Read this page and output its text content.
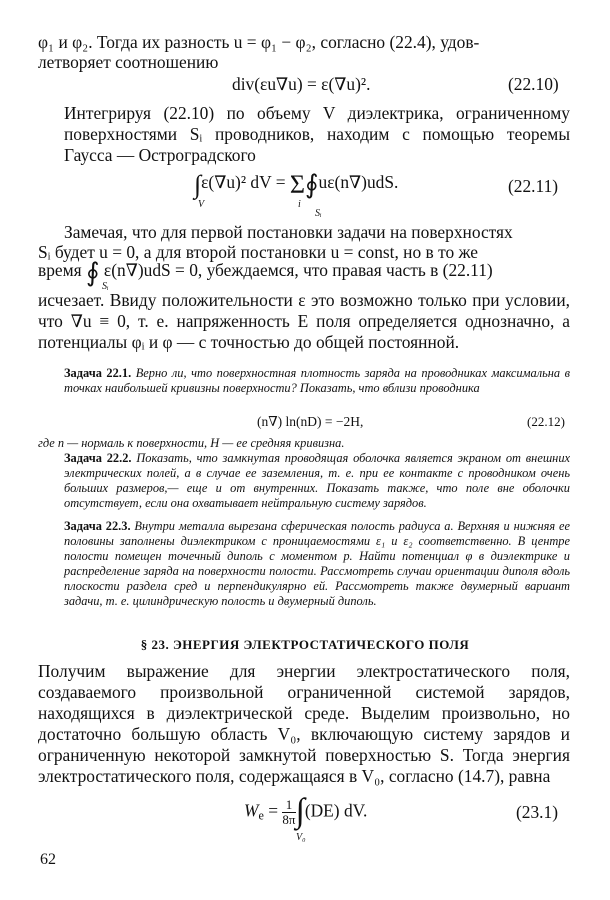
φ₁ и φ₂. Тогда их разность u = φ₁ − φ₂, согласно (22.4), удов-

летворяет соотношению

div(εu∇u) = ε(∇u)².	(22.10)

Интегрируя (22.10) по объему V диэлектрика, ограниченному поверхностями Sᵢ проводников, находим с помощью теоремы Гаусса — Остроградского

∫ε(∇u)² dV = Σ∮uε(n∇)udS.
V	i
Sᵢ

(22.11)

Замечая, что для первой постановки задачи на поверхностях

Sᵢ будет u = 0, а для второй постановки u = const, но в то же

время ∮ ε(n∇)udS = 0, убеждаемся, что правая часть в (22.11)
Sᵢ

исчезает. Ввиду положительности ε это возможно только при условии, что ∇u ≡ 0, т. е. напряженность E поля определяется однозначно, а потенциалы φᵢ и φ — с точностью до общей постоянной.

Задача 22.1. Верно ли, что поверхностная плотность заряда на проводниках максимальна в точках наибольшей кривизны поверхности? Показать, что вблизи проводника

(n∇) ln(nD) = −2H,	(22.12)

где n — нормаль к поверхности, H — ее средняя кривизна.

Задача 22.2. Показать, что замкнутая проводящая оболочка является экраном от внешних электрических полей, а в случае ее заземления, т. е. при ее контакте с проводником очень больших размеров,— еще и от внутренних. Показать также, что поле вне оболочки отсутствует, если она охватывает нейтральную систему зарядов.

Задача 22.3. Внутри металла вырезана сферическая полость радиуса a. Верхняя и нижняя ее половины заполнены диэлектриком с проницаемостями ε₁ и ε₂ соответственно. В центре полости помещен точечный диполь с моментом p. Найти потенциал φ в диэлектрике и распределение заряда на поверхности полости. Рассмотреть случаи ориентации диполя вдоль плоскости раздела сред и перпендикулярно ей. Рассмотреть также двумерный вариант задачи, т. е. цилиндрическую полость и двумерный диполь.

§ 23. ЭНЕРГИЯ ЭЛЕКТРОСТАТИЧЕСКОГО ПОЛЯ

Получим выражение для энергии электростатического поля, создаваемого произвольной ограниченной системой зарядов, находящихся в диэлектрической среде. Выделим произвольно, но достаточно большую область V₀, включающую систему зарядов и ограниченную некоторой замкнутой поверхностью S. Тогда энергия электростатического поля, содержащаяся в V₀, согласно (14.7), равна

$W_e = \frac{1}{8\pi} \int(DE)$ dV.
V₀

(23.1)

62
